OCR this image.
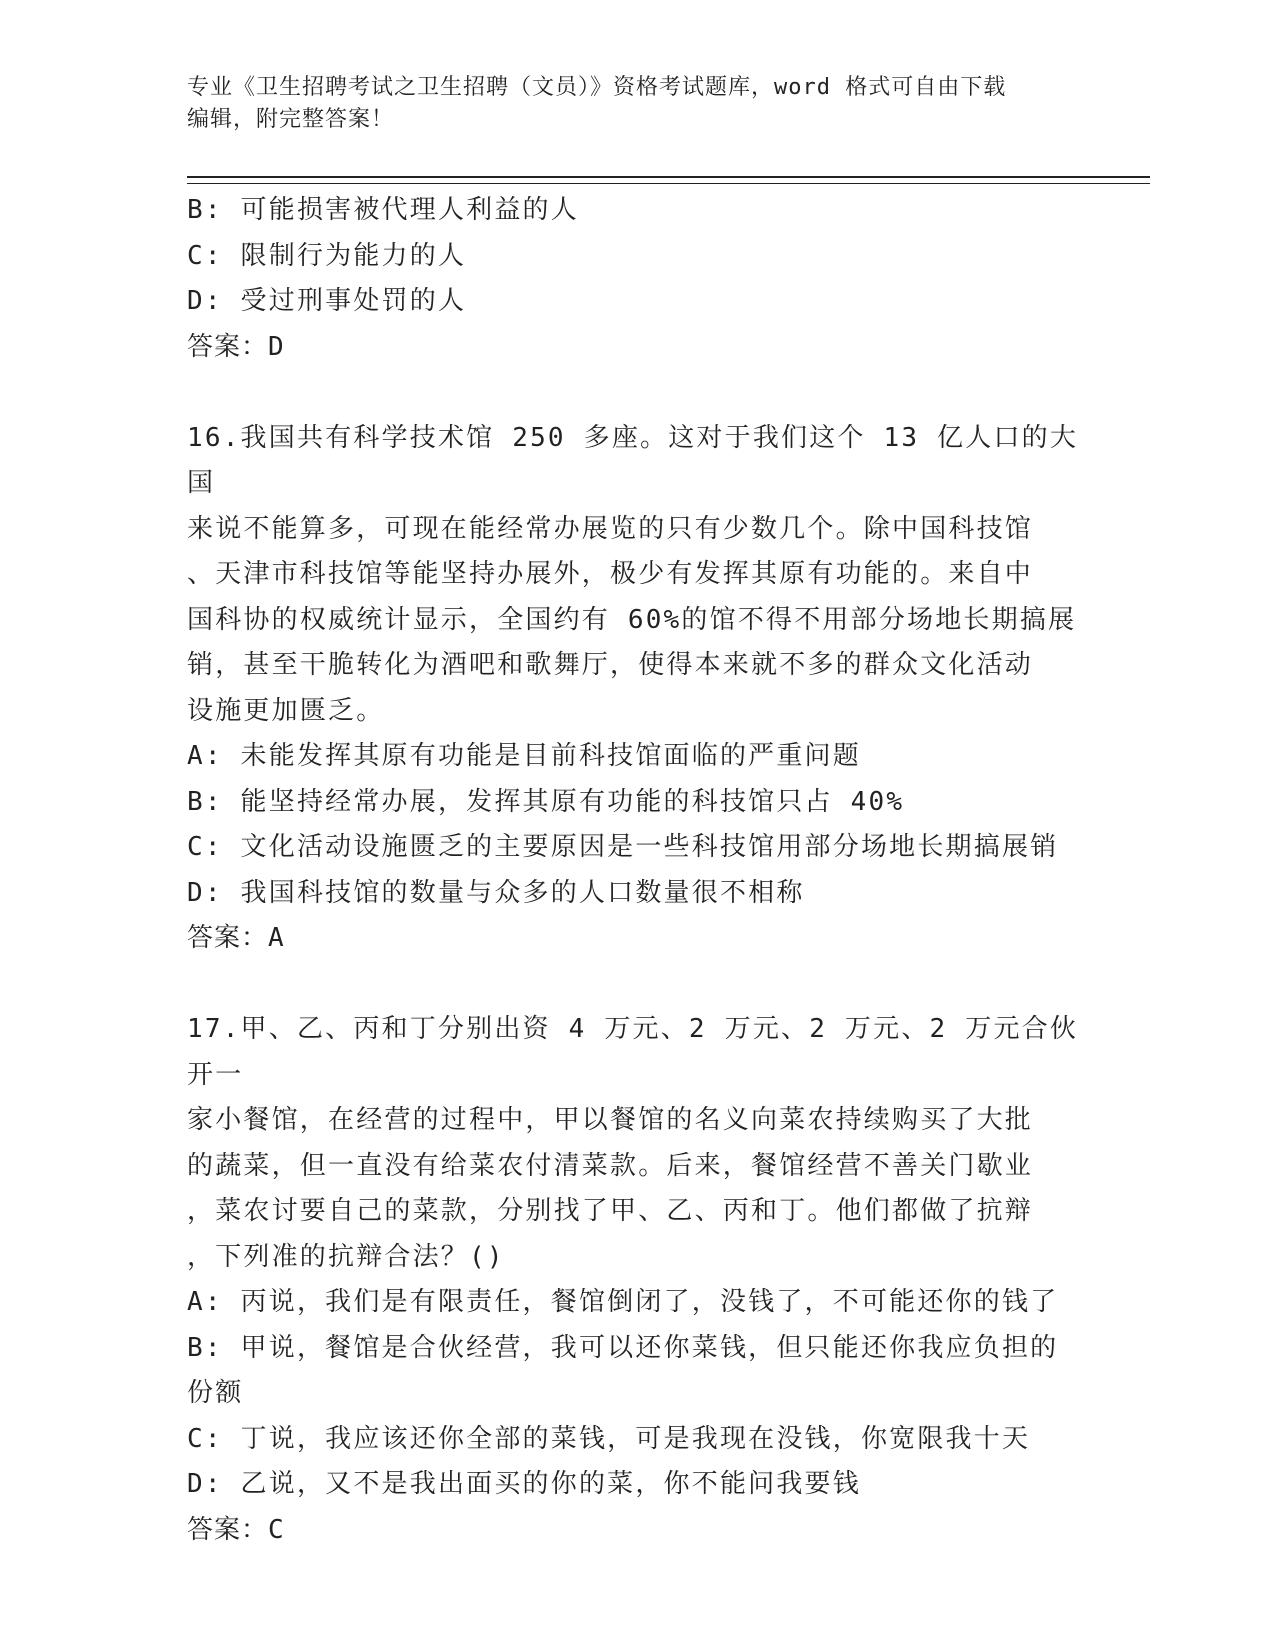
专业《卫生招聘考试之卫生招聘（文员）》资格考试题库，word 格式可自由下载
编辑，附完整答案！
B: 可能损害被代理人利益的人
C: 限制行为能力的人
D: 受过刑事处罚的人
答案：D
16.我国共有科学技术馆 250 多座。这对于我们这个 13 亿人口的大国
来说不能算多，可现在能经常办展览的只有少数几个。除中国科技馆
、天津市科技馆等能坚持办展外，极少有发挥其原有功能的。来自中
国科协的权威统计显示，全国约有 60%的馆不得不用部分场地长期搞展
销，甚至干脆转化为酒吧和歌舞厅，使得本来就不多的群众文化活动
设施更加匮乏。
A: 未能发挥其原有功能是目前科技馆面临的严重问题
B: 能坚持经常办展，发挥其原有功能的科技馆只占 40%
C: 文化活动设施匮乏的主要原因是一些科技馆用部分场地长期搞展销
D: 我国科技馆的数量与众多的人口数量很不相称
答案：A
17.甲、乙、丙和丁分别出资 4 万元、2 万元、2 万元、2 万元合伙开一
家小餐馆，在经营的过程中，甲以餐馆的名义向菜农持续购买了大批
的蔬菜，但一直没有给菜农付清菜款。后来，餐馆经营不善关门歇业
，菜农讨要自己的菜款，分别找了甲、乙、丙和丁。他们都做了抗辩
，下列准的抗辩合法？()
A: 丙说，我们是有限责任，餐馆倒闭了，没钱了，不可能还你的钱了
B: 甲说，餐馆是合伙经营，我可以还你菜钱，但只能还你我应负担的
份额
C: 丁说，我应该还你全部的菜钱，可是我现在没钱，你宽限我十天
D: 乙说，又不是我出面买的你的菜，你不能问我要钱
答案：C
